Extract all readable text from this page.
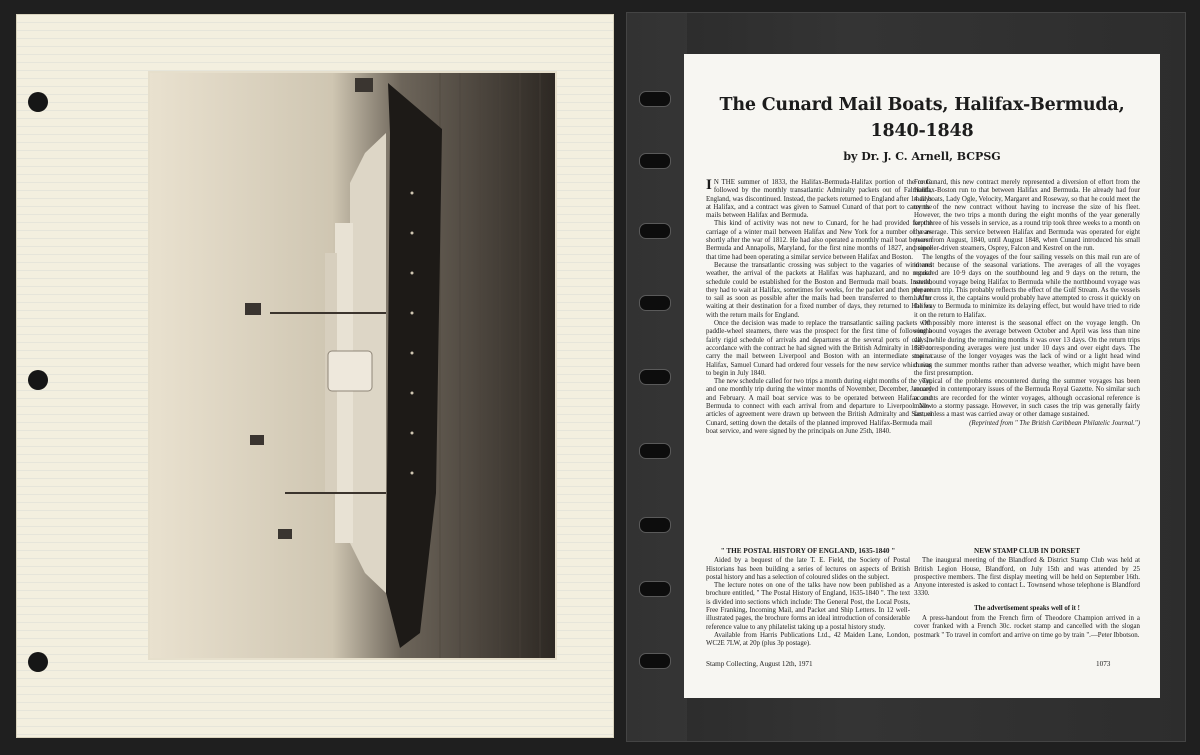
The Cunard Mail Boats, Halifax-Bermuda,
1840-1848
by Dr. J. C. Arnell, BCPSG

I N THE summer of 1833, the Halifax-Bermuda-Halifax portion of the route followed by the monthly transatlantic Admiralty packets out of Falmouth, England, was discontinued. Instead, the packets returned to England after 14 days at Halifax, and a contract was given to Samuel Cunard of that port to carry the mails between Halifax and Bermuda.

This kind of activity was not new to Cunard, for he had provided for the carriage of a winter mail between Halifax and New York for a number of years shortly after the war of 1812. He had also operated a monthly mail boat between Bermuda and Annapolis, Maryland, for the first nine months of 1827, and since that time had been operating a similar service between Halifax and Boston.

Because the transatlantic crossing was subject to the vagaries of wind and weather, the arrival of the packets at Halifax was haphazard, and no regular schedule could be established for the Boston and Bermuda mail boats. Instead, they had to wait at Halifax, sometimes for weeks, for the packet and then prepare to sail as soon as possible after the mails had been transferred to them. After waiting at their destination for a fixed number of days, they returned to Halifax with the return mails for England.

Once the decision was made to replace the transatlantic sailing packets with paddle-wheel steamers, there was the prospect for the first time of following a fairly rigid schedule of arrivals and departures at the several ports of call. In accordance with the contract he had signed with the British Admiralty in 1839 to carry the mail between Liverpool and Boston with an intermediate stop at Halifax, Samuel Cunard had ordered four vessels for the new service which was to begin in July 1840.

The new schedule called for two trips a month during eight months of the year, and one monthly trip during the winter months of November, December, January and February. A mail boat service was to be operated between Halifax and Bermuda to connect with each arrival from and departure to Liverpool. New articles of agreement were drawn up between the British Admiralty and Samuel Cunard, setting down the details of the planned improved Halifax-Bermuda mail boat service, and were signed by the principals on June 25th, 1840.

For Cunard, this new contract merely represented a diversion of effort from the Halifax-Boston run to that between Halifax and Bermuda. He already had four mail boats, Lady Ogle, Velocity, Margaret and Roseway, so that he could meet the terms of the new contract without having to increase the size of his fleet. However, the two trips a month during the eight months of the year generally kept three of his vessels in service, as a round trip took three weeks to a month on the average. This service between Halifax and Bermuda was operated for eight years from August, 1840, until August 1848, when Cunard introduced his small propeller-driven steamers, Osprey, Falcon and Kestrel on the run.

The lengths of the voyages of the four sailing vessels on this mail run are of interest because of the seasonal variations. The averages of all the voyages recorded are 10·9 days on the southbound leg and 9 days on the return, the southbound voyage being Halifax to Bermuda while the northbound voyage was the return trip. This probably reflects the effect of the Gulf Stream. As the vessels had to cross it, the captains would probably have attempted to cross it quickly on the way to Bermuda to minimize its delaying effect, but would have tried to ride it on the return to Halifax.

Of possibly more interest is the seasonal effect on the voyage length. On southbound voyages the average between October and April was less than nine days, while during the remaining months it was over 13 days. On the return trips the corresponding averages were just under 10 days and over eight days. The main cause of the longer voyages was the lack of wind or a light head wind during the summer months rather than adverse weather, which might have been the first presumption.

Typical of the problems encountered during the summer voyages has been recorded in contemporary issues of the Bermuda Royal Gazette. No similar such accounts are recorded for the winter voyages, although occasional reference is made to a stormy passage. However, in such cases the trip was generally fairly fast, unless a mast was carried away or other damage sustained.

(Reprinted from " The British Caribbean Philatelic Journal.")

" THE POSTAL HISTORY OF ENGLAND, 1635-1840 "

Aided by a bequest of the late T. E. Field, the Society of Postal Historians has been building a series of lectures on aspects of British postal history and has a selection of coloured slides on the subject.

The lecture notes on one of the talks have now been published as a brochure entitled, " The Postal History of England, 1635-1840 ". The text is divided into sections which include: The General Post, the Local Posts, Free Franking, Incoming Mail, and Packet and Ship Letters. In 12 well-illustrated pages, the brochure forms an ideal introduction of considerable reference value to any philatelist taking up a postal history study.

Available from Harris Publications Ltd., 42 Maiden Lane, London, WC2E 7LW, at 20p (plus 3p postage).

NEW STAMP CLUB IN DORSET

The inaugural meeting of the Blandford & District Stamp Club was held at British Legion House, Blandford, on July 15th and was attended by 25 prospective members. The first display meeting will be held on September 16th. Anyone interested is asked to contact L. Townsend whose telephone is Blandford 3330.

The advertisement speaks well of it !

A press-handout from the French firm of Theodore Champion arrived in a cover franked with a French 30c. rocket stamp and cancelled with the slogan postmark " To travel in comfort and arrive on time go by train ".—Peter Ibbotson.

Stamp Collecting, August 12th, 1971	1073
